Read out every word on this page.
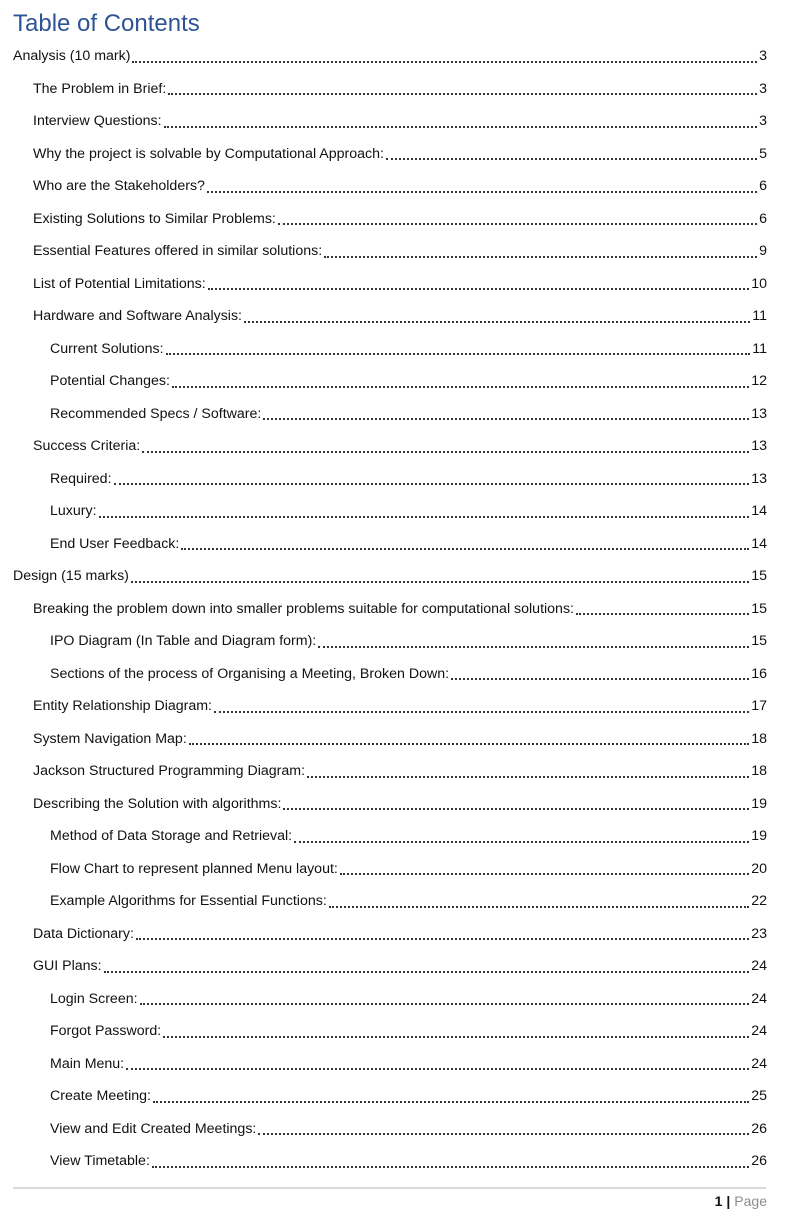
Table of Contents
Analysis (10 mark)	3
The Problem in Brief:	3
Interview Questions:	3
Why the project is solvable by Computational Approach:	5
Who are the Stakeholders?	6
Existing Solutions to Similar Problems:	6
Essential Features offered in similar solutions:	9
List of Potential Limitations:	10
Hardware and Software Analysis:	11
Current Solutions:	11
Potential Changes:	12
Recommended Specs / Software:	13
Success Criteria:	13
Required:	13
Luxury:	14
End User Feedback:	14
Design (15 marks)	15
Breaking the problem down into smaller problems suitable for computational solutions:	15
IPO Diagram (In Table and Diagram form):	15
Sections of the process of Organising a Meeting, Broken Down:	16
Entity Relationship Diagram:	17
System Navigation Map:	18
Jackson Structured Programming Diagram:	18
Describing the Solution with algorithms:	19
Method of Data Storage and Retrieval:	19
Flow Chart to represent planned Menu layout:	20
Example Algorithms for Essential Functions:	22
Data Dictionary:	23
GUI Plans:	24
Login Screen:	24
Forgot Password:	24
Main Menu:	24
Create Meeting:	25
View and Edit Created Meetings:	26
View Timetable:	26
1 | Page
